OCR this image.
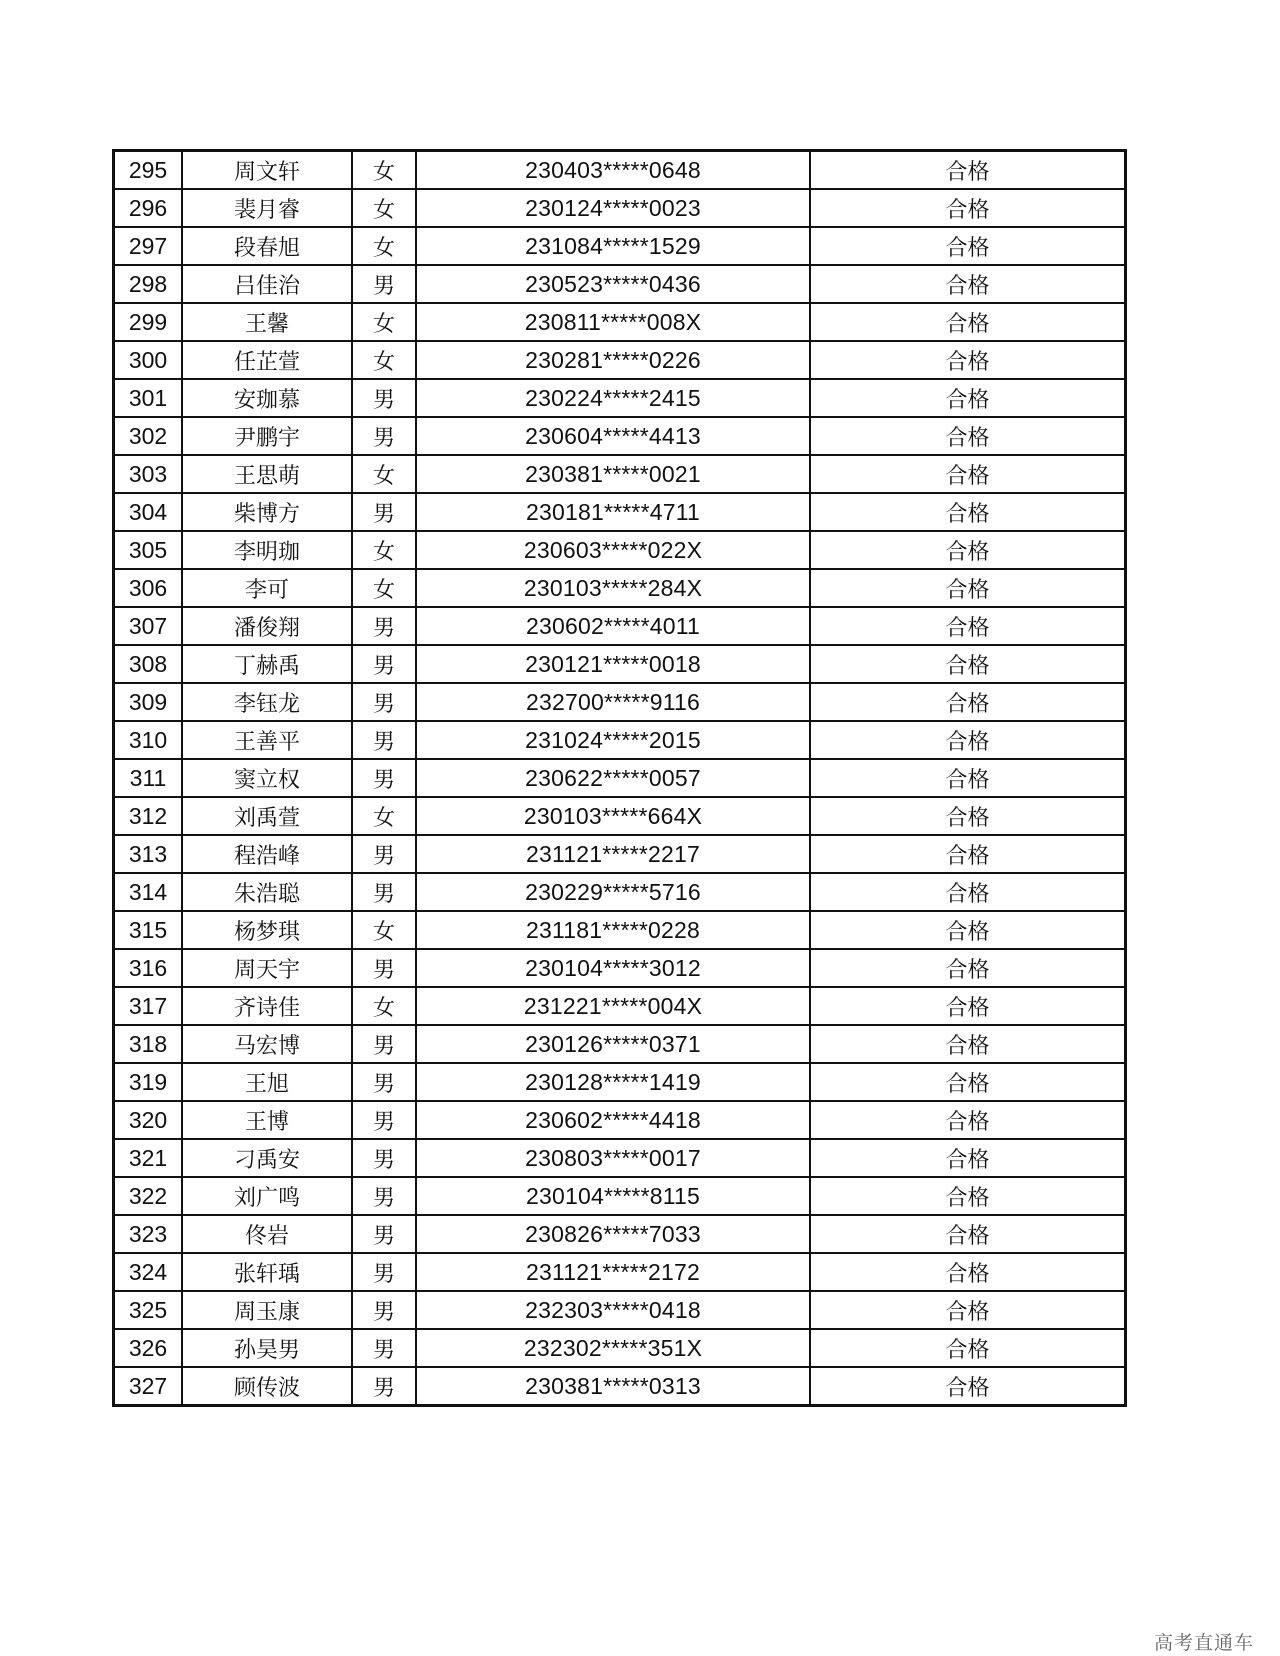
295	周文轩	女	230403*****0648	合格
296	裴月睿	女	230124*****0023	合格
297	段春旭	女	231084*****1529	合格
298	吕佳治	男	230523*****0436	合格
299	王馨	女	230811*****008X	合格
300	任芷萱	女	230281*****0226	合格
301	安珈慕	男	230224*****2415	合格
302	尹鹏宇	男	230604*****4413	合格
303	王思萌	女	230381*****0021	合格
304	柴博方	男	230181*****4711	合格
305	李明珈	女	230603*****022X	合格
306	李可	女	230103*****284X	合格
307	潘俊翔	男	230602*****4011	合格
308	丁赫禹	男	230121*****0018	合格
309	李钰龙	男	232700*****9116	合格
310	王善平	男	231024*****2015	合格
311	窦立权	男	230622*****0057	合格
312	刘禹萱	女	230103*****664X	合格
313	程浩峰	男	231121*****2217	合格
314	朱浩聪	男	230229*****5716	合格
315	杨梦琪	女	231181*****0228	合格
316	周天宇	男	230104*****3012	合格
317	齐诗佳	女	231221*****004X	合格
318	马宏博	男	230126*****0371	合格
319	王旭	男	230128*****1419	合格
320	王博	男	230602*****4418	合格
321	刁禹安	男	230803*****0017	合格
322	刘广鸣	男	230104*****8115	合格
323	佟岩	男	230826*****7033	合格
324	张轩瑀	男	231121*****2172	合格
325	周玉康	男	232303*****0418	合格
326	孙昊男	男	232302*****351X	合格
327	顾传波	男	230381*****0313	合格
高考直通车
